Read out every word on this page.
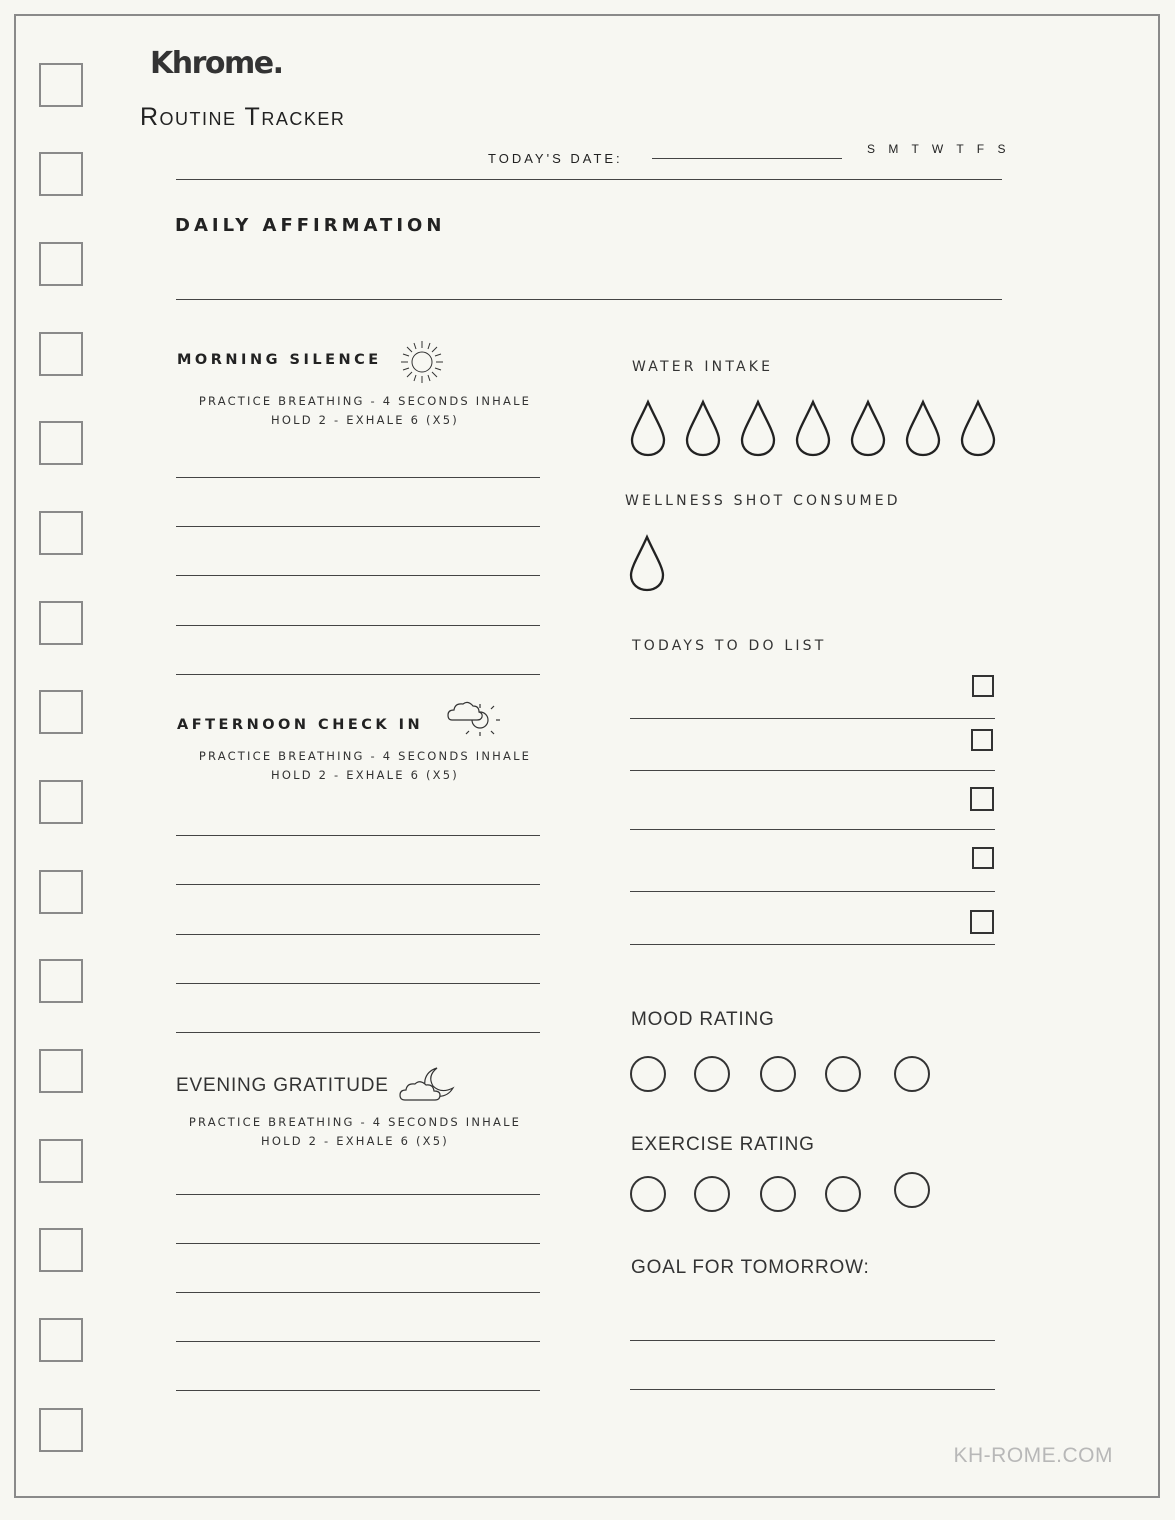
Khrome.
Routine Tracker
TODAY'S DATE:
S M T W T F S
DAILY AFFIRMATION
MORNING SILENCE
PRACTICE BREATHING - 4 SECONDS INHALE
HOLD 2 - EXHALE 6 (X5)
AFTERNOON CHECK IN
PRACTICE BREATHING - 4 SECONDS INHALE
HOLD 2 - EXHALE 6 (X5)
EVENING GRATITUDE
PRACTICE BREATHING - 4 SECONDS INHALE
HOLD 2 - EXHALE 6 (X5)
WATER INTAKE
WELLNESS SHOT CONSUMED
TODAYS TO DO LIST
MOOD RATING
EXERCISE RATING
GOAL FOR TOMORROW:
KH-ROME.COM
